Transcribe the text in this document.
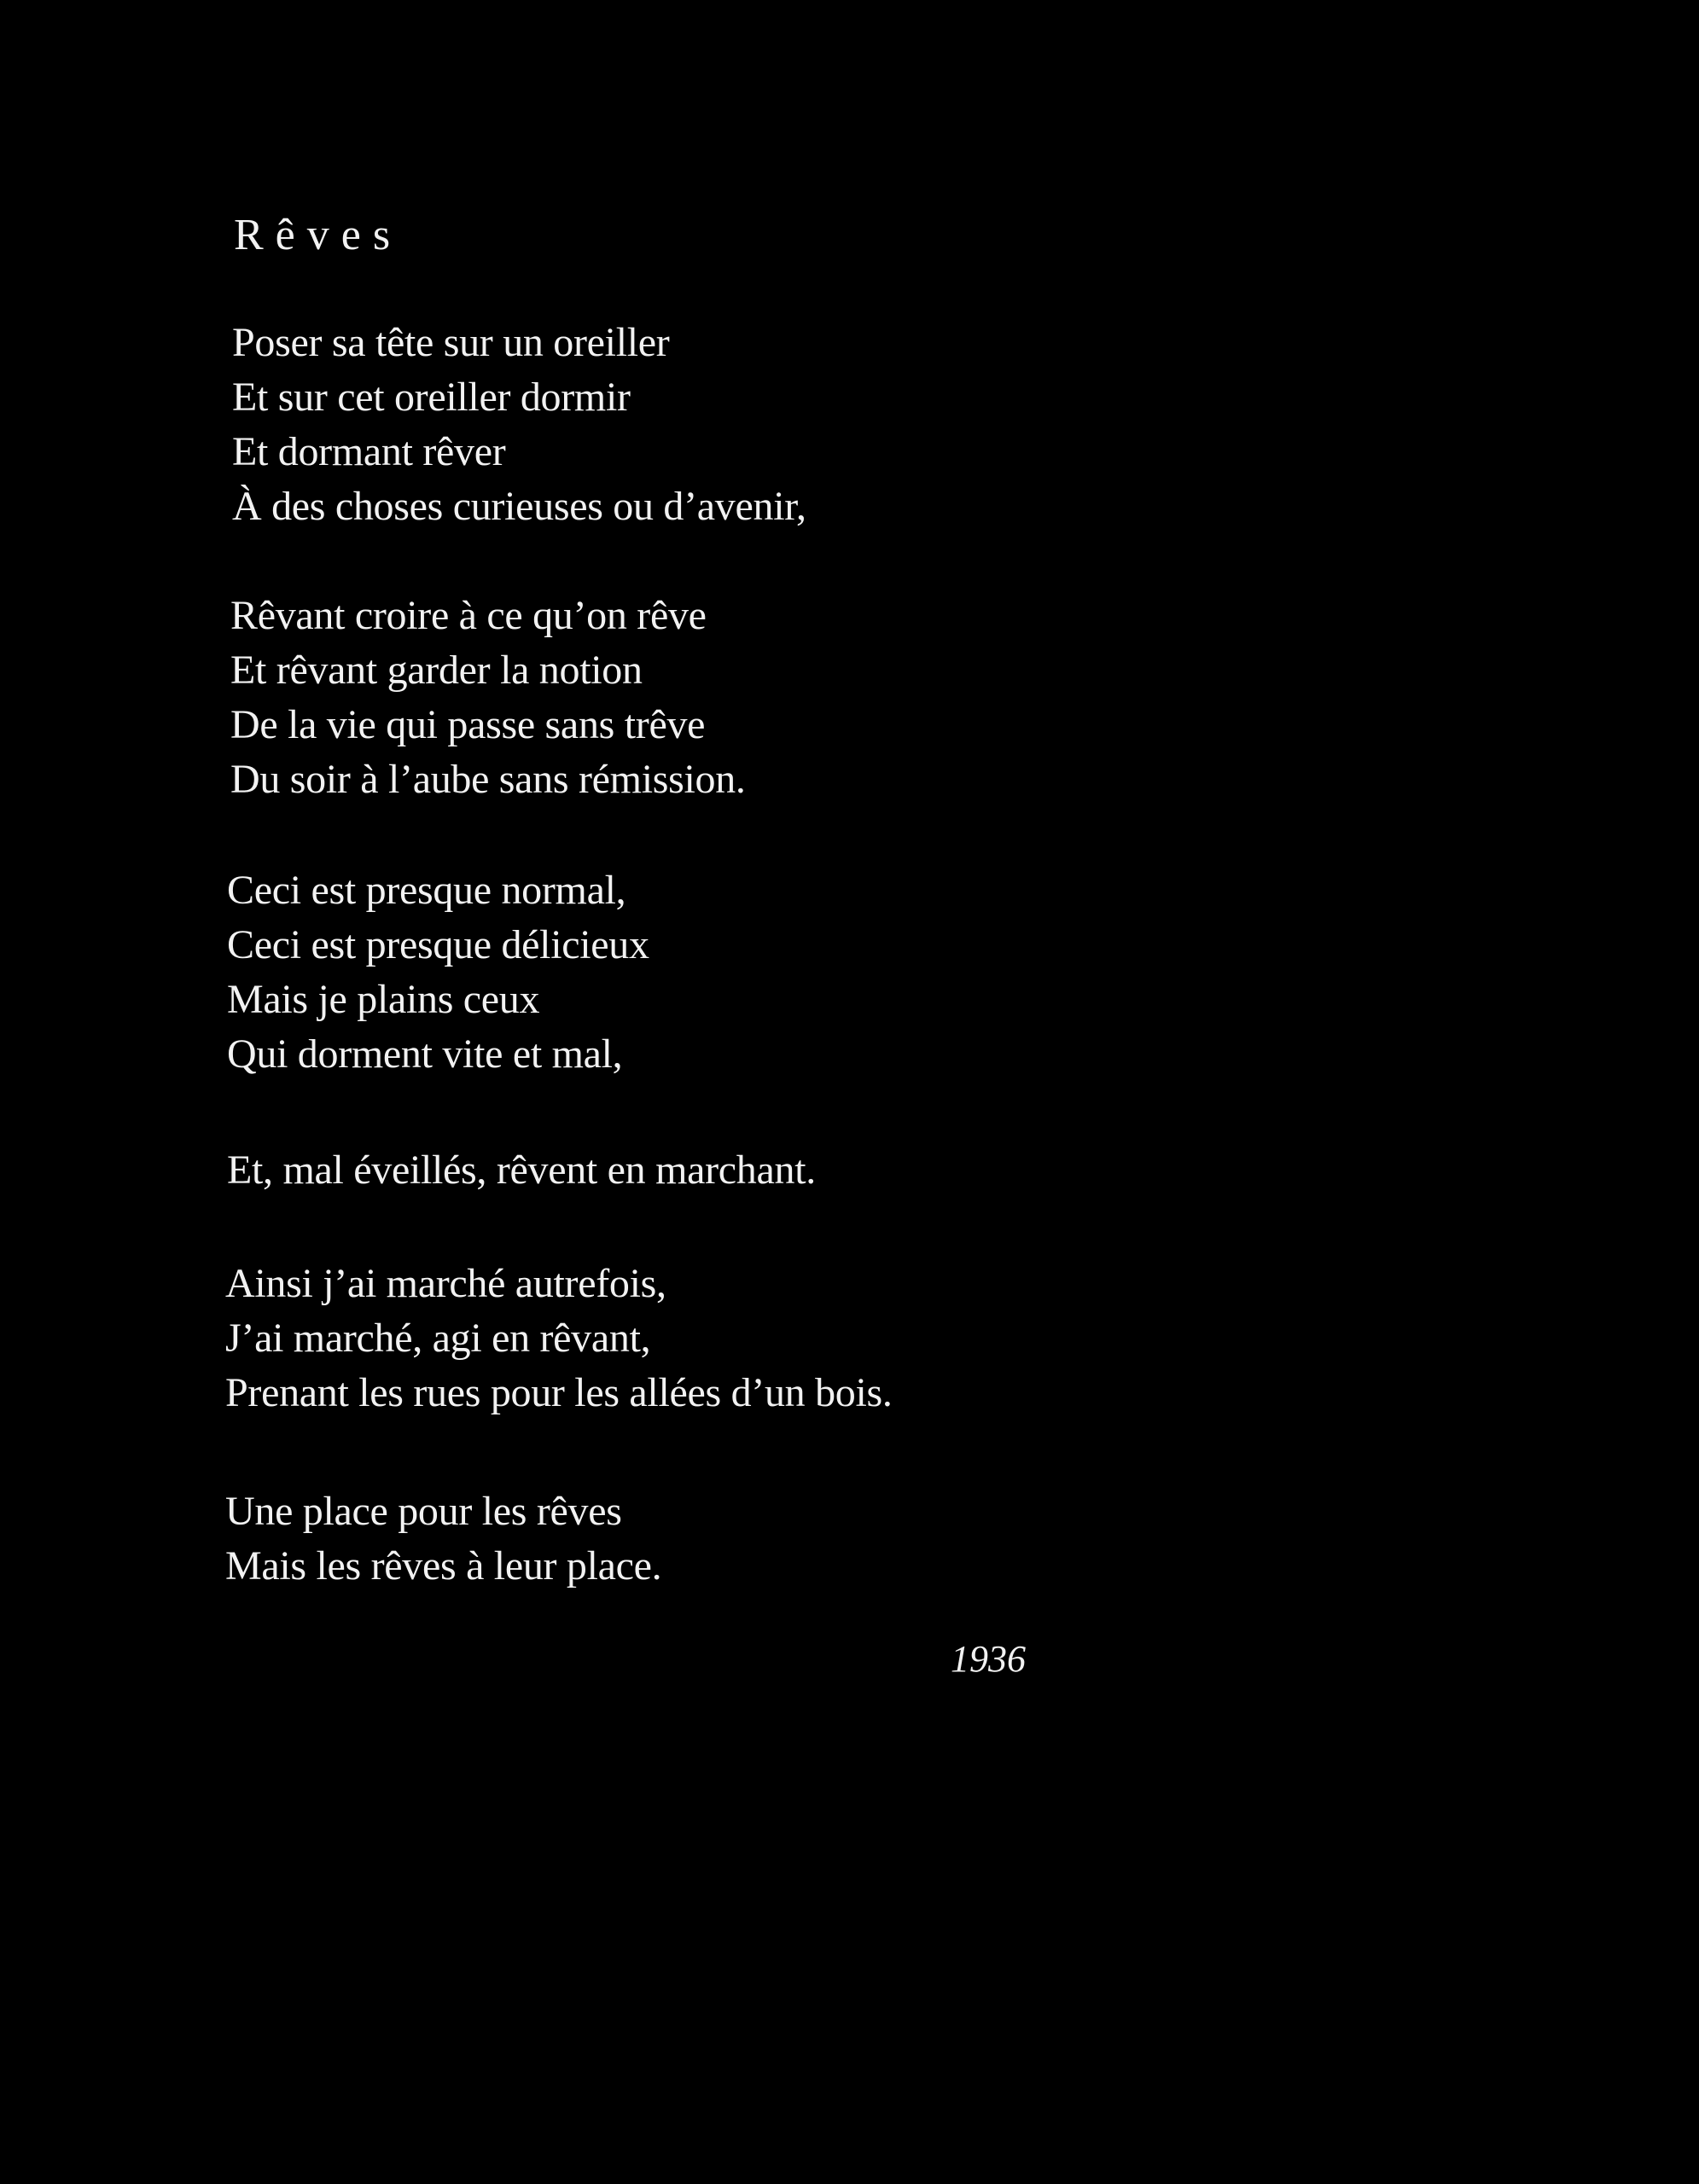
Rêves
Poser sa tête sur un oreiller
Et sur cet oreiller dormir
Et dormant rêver
À des choses curieuses ou d’avenir,
Rêvant croire à ce qu’on rêve
Et rêvant garder la notion
De la vie qui passe sans trêve
Du soir à l’aube sans rémission.
Ceci est presque normal,
Ceci est presque délicieux
Mais je plains ceux
Qui dorment vite et mal,
Et, mal éveillés, rêvent en marchant.
Ainsi j’ai marché autrefois,
J’ai marché, agi en rêvant,
Prenant les rues pour les allées d’un bois.
Une place pour les rêves
Mais les rêves à leur place.

1936
